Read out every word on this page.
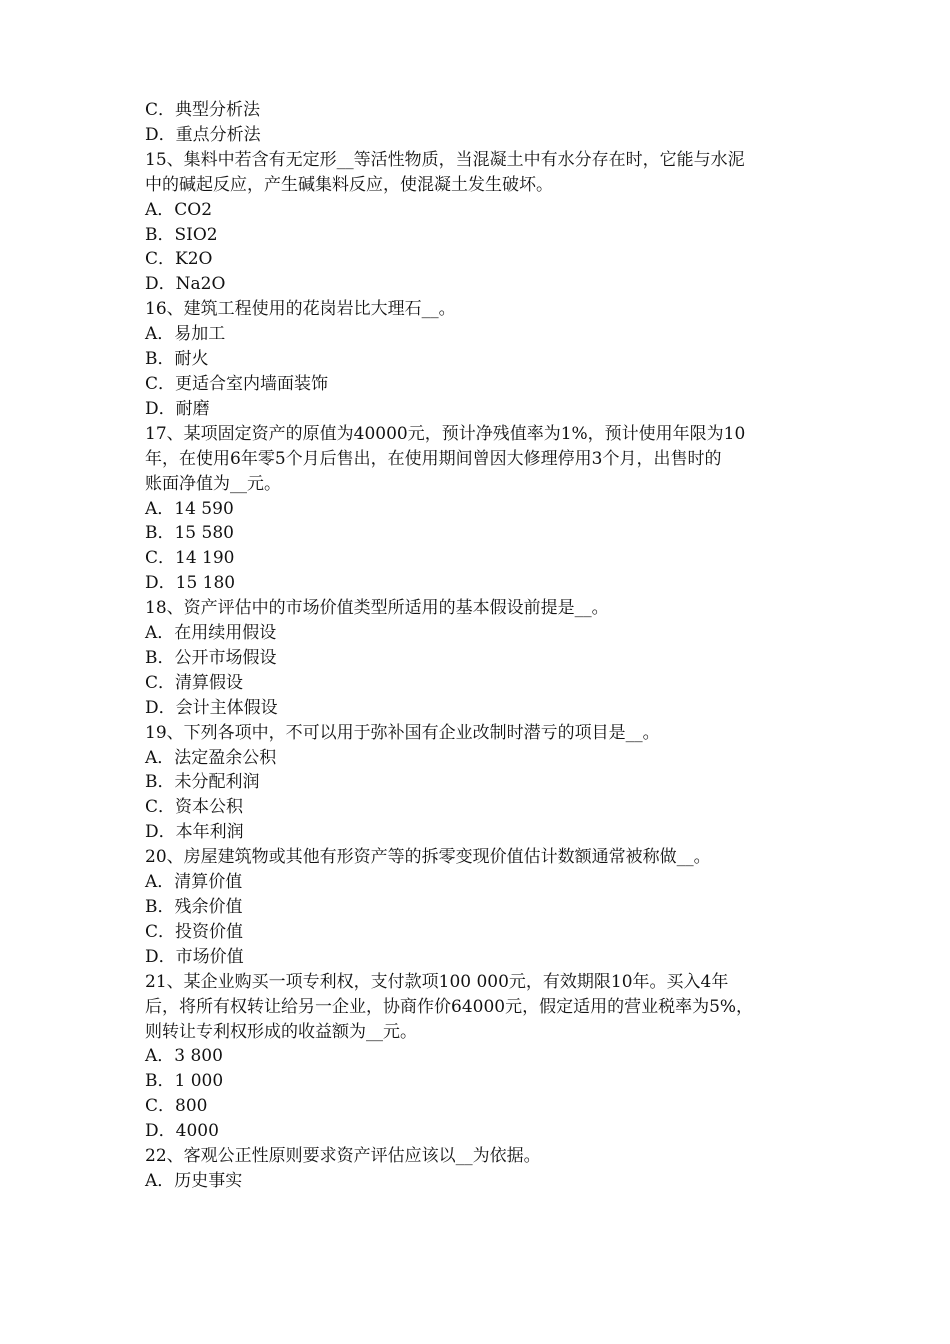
C．典型分析法
D．重点分析法
15、集料中若含有无定形__等活性物质，当混凝土中有水分存在时，它能与水泥
中的碱起反应，产生碱集料反应，使混凝土发生破坏。
A．CO2
B．SIO2
C．K2O
D．Na2O
16、建筑工程使用的花岗岩比大理石__。
A．易加工
B．耐火
C．更适合室内墙面装饰
D．耐磨
17、某项固定资产的原值为40000元，预计净残值率为1%，预计使用年限为10
年，在使用6年零5个月后售出，在使用期间曾因大修理停用3个月，出售时的
账面净值为__元。
A．14 590
B．15 580
C．14 190
D．15 180
18、资产评估中的市场价值类型所适用的基本假设前提是__。
A．在用续用假设
B．公开市场假设
C．清算假设
D．会计主体假设
19、下列各项中，不可以用于弥补国有企业改制时潜亏的项目是__。
A．法定盈余公积
B．未分配利润
C．资本公积
D．本年利润
20、房屋建筑物或其他有形资产等的拆零变现价值估计数额通常被称做__。
A．清算价值
B．残余价值
C．投资价值
D．市场价值
21、某企业购买一项专利权，支付款项100 000元，有效期限10年。买入4年
后，将所有权转让给另一企业，协商作价64000元，假定适用的营业税率为5%，
则转让专利权形成的收益额为__元。
A．3 800
B．1 000
C．800
D．4000
22、客观公正性原则要求资产评估应该以__为依据。
A．历史事实
